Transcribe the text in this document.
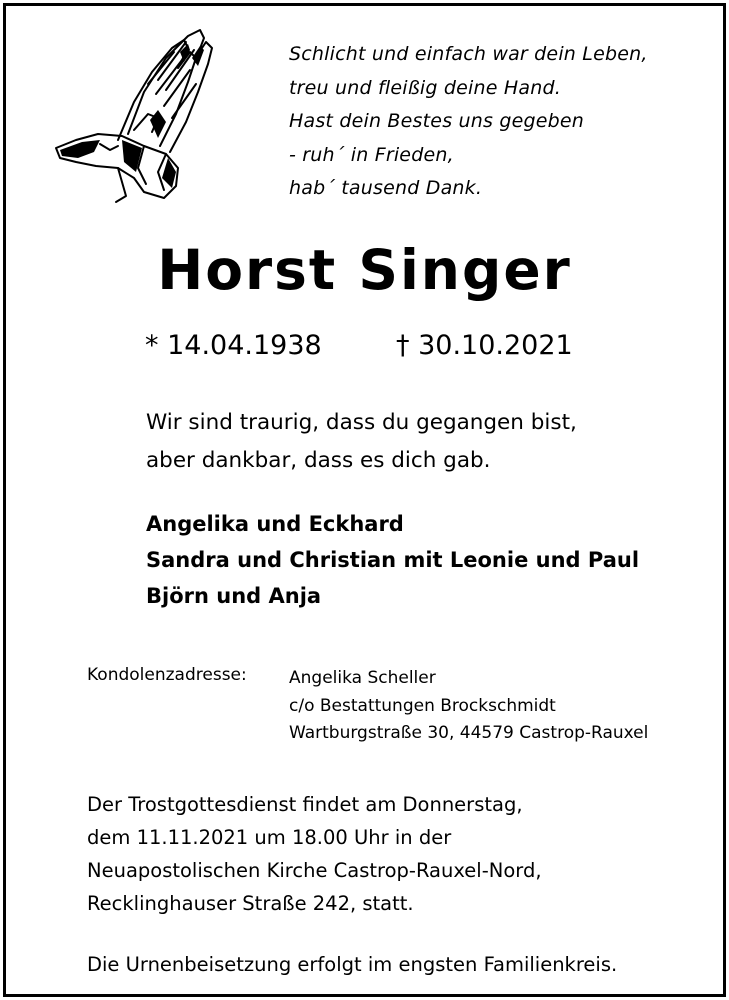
Schlicht und einfach war dein Leben,
treu und fleißig deine Hand.
Hast dein Bestes uns gegeben
- ruh´ in Frieden,
hab´ tausend Dank.
Horst Singer
* 14.04.1938	† 30.10.2021
Wir sind traurig, dass du gegangen bist,
aber dankbar, dass es dich gab.
Angelika und Eckhard
Sandra und Christian mit Leonie und Paul
Björn und Anja
Kondolenzadresse: Angelika Scheller
c/o Bestattungen Brockschmidt
Wartburgstraße 30, 44579 Castrop-Rauxel
Der Trostgottesdienst findet am Donnerstag,
dem 11.11.2021 um 18.00 Uhr in der
Neuapostolischen Kirche Castrop-Rauxel-Nord,
Recklinghauser Straße 242, statt.
Die Urnenbeisetzung erfolgt im engsten Familienkreis.
